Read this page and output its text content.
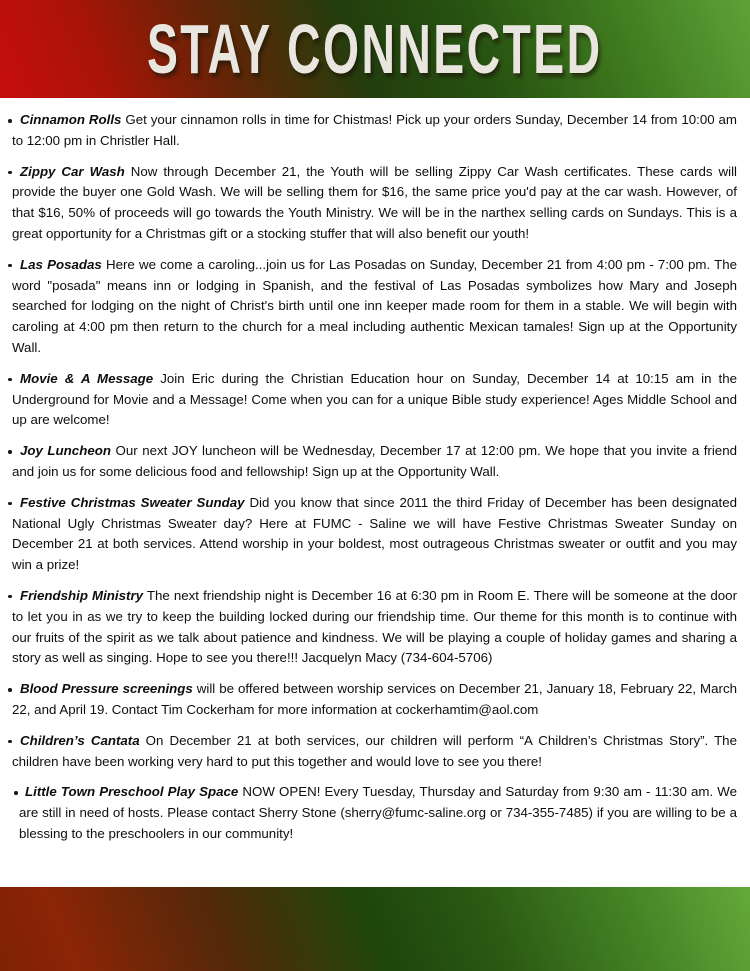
STAY CONNECTED

Cinnamon Rolls Get your cinnamon rolls in time for Chistmas! Pick up your orders Sunday, December 14 from 10:00 am to 12:00 pm in Christler Hall.

Zippy Car Wash Now through December 21, the Youth will be selling Zippy Car Wash certificates. These cards will provide the buyer one Gold Wash. We will be selling them for $16, the same price you'd pay at the car wash. However, of that $16, 50% of proceeds will go towards the Youth Ministry. We will be in the narthex selling cards on Sundays. This is a great opportunity for a Christmas gift or a stocking stuffer that will also benefit our youth!

Las Posadas Here we come a caroling...join us for Las Posadas on Sunday, December 21 from 4:00 pm - 7:00 pm. The word "posada" means inn or lodging in Spanish, and the festival of Las Posadas symbolizes how Mary and Joseph searched for lodging on the night of Christ's birth until one inn keeper made room for them in a stable. We will begin with caroling at 4:00 pm then return to the church for a meal including authentic Mexican tamales! Sign up at the Opportunity Wall.

Movie & A Message Join Eric during the Christian Education hour on Sunday, December 14 at 10:15 am in the Underground for Movie and a Message! Come when you can for a unique Bible study experience! Ages Middle School and up are welcome!

Joy Luncheon Our next JOY luncheon will be Wednesday, December 17 at 12:00 pm. We hope that you invite a friend and join us for some delicious food and fellowship! Sign up at the Opportunity Wall.

Festive Christmas Sweater Sunday Did you know that since 2011 the third Friday of December has been designated National Ugly Christmas Sweater day? Here at FUMC - Saline we will have Festive Christmas Sweater Sunday on December 21 at both services. Attend worship in your boldest, most outrageous Christmas sweater or outfit and you may win a prize!

Friendship Ministry The next friendship night is December 16 at 6:30 pm in Room E. There will be someone at the door to let you in as we try to keep the building locked during our friendship time. Our theme for this month is to continue with our fruits of the spirit as we talk about patience and kindness. We will be playing a couple of holiday games and sharing a story as well as singing. Hope to see you there!!! Jacquelyn Macy (734-604-5706)

Blood Pressure screenings will be offered between worship services on December 21, January 18, February 22, March 22, and April 19. Contact Tim Cockerham for more information at cockerhamtim@aol.com

Children’s Cantata On December 21 at both services, our children will perform “A Children’s Christmas Story”. The children have been working very hard to put this together and would love to see you there!

Little Town Preschool Play Space NOW OPEN! Every Tuesday, Thursday and Saturday from 9:30 am - 11:30 am. We are still in need of hosts. Please contact Sherry Stone (sherry@fumc-saline.org or 734-355-7485) if you are willing to be a blessing to the preschoolers in our community!
